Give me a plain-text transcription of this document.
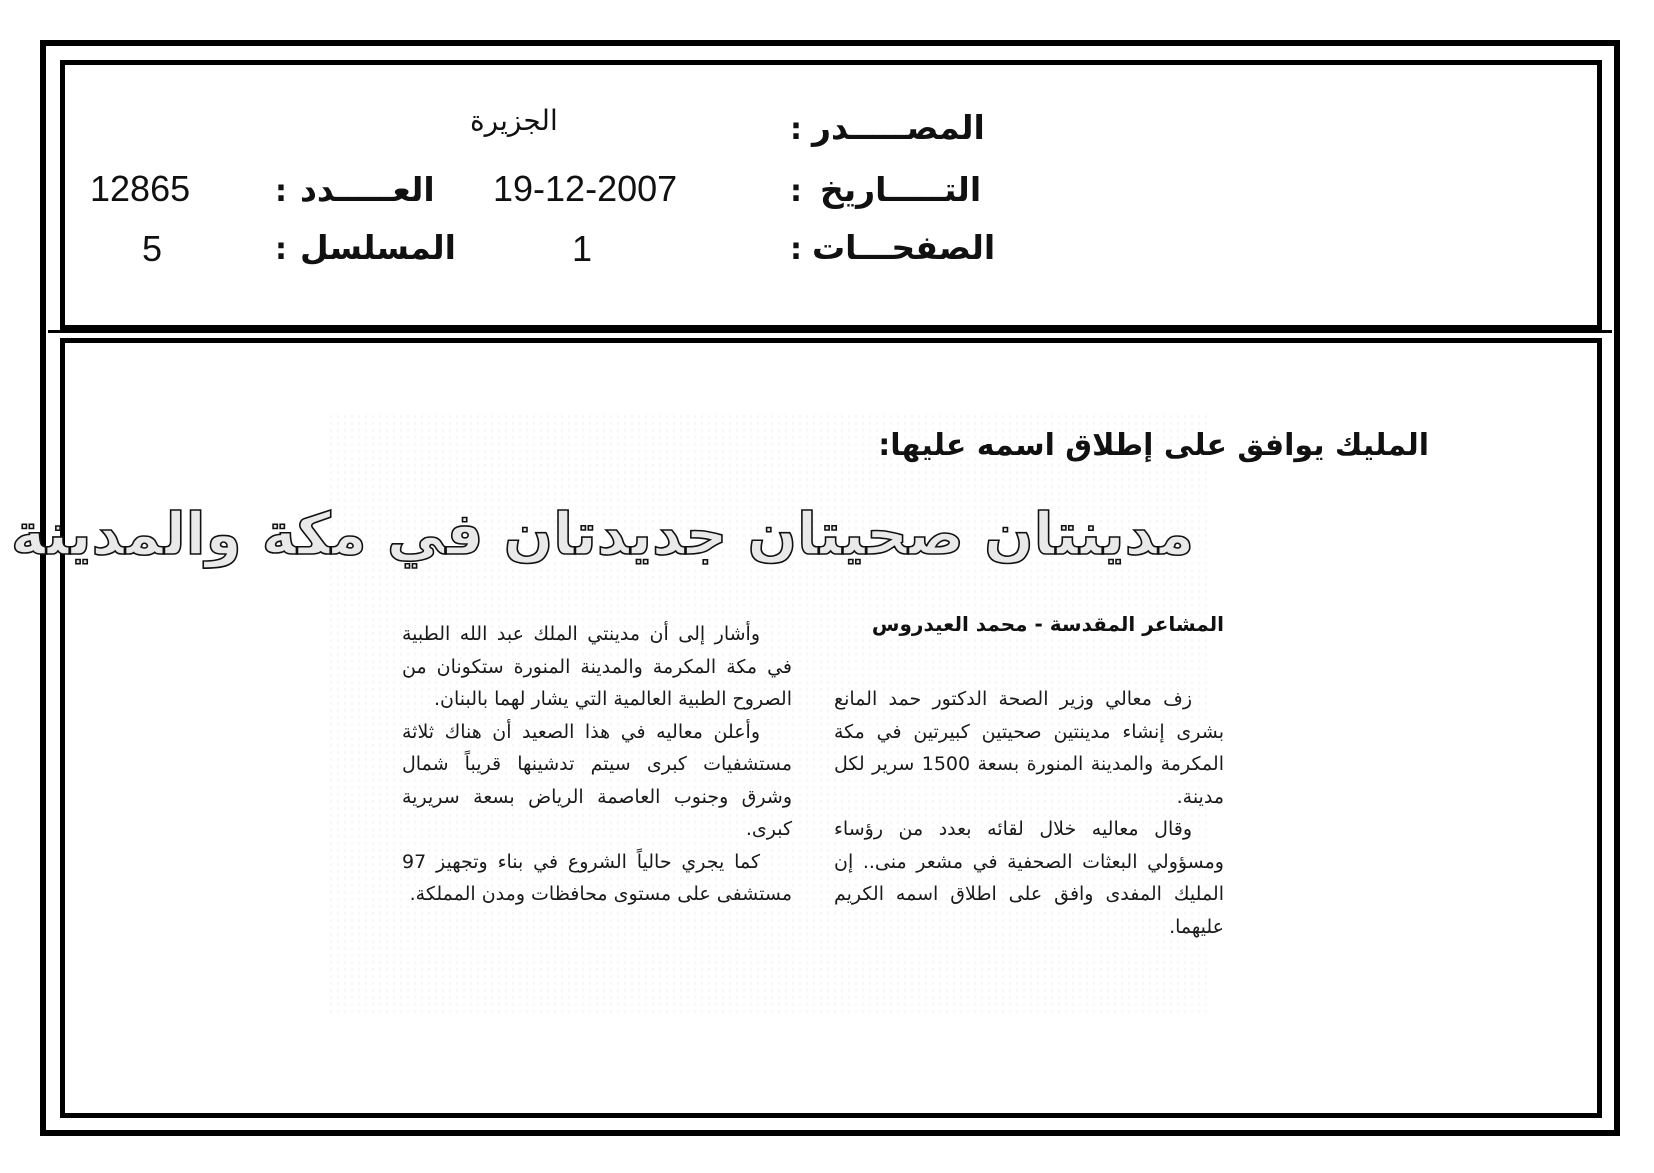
المصـــــدر
:
الجزيرة
التـــــاريخ
:
19-12-2007
العـــــدد
:
12865
الصفحـــات
:
1
المسلسل
:
5
المليك يوافق على إطلاق اسمه عليها:
مدينتان صحيتان جديدتان في مكة والمدينة
المشاعر المقدسة - محمد العيدروس

زف معالي وزير الصحة الدكتور حمد المانع بشرى إنشاء مدينتين صحيتين كبيرتين في مكة المكرمة والمدينة المنورة بسعة 1500 سرير لكل مدينة.

وقال معاليه خلال لقائه بعدد من رؤساء ومسؤولي البعثات الصحفية في مشعر منى.. إن المليك المفدى وافق على اطلاق اسمه الكريم عليهما.

وأشار إلى أن مدينتي الملك عبد الله الطبية في مكة المكرمة والمدينة المنورة ستكونان من الصروح الطبية العالمية التي يشار لهما بالبنان.

وأعلن معاليه في هذا الصعيد أن هناك ثلاثة مستشفيات كبرى سيتم تدشينها قريباً شمال وشرق وجنوب العاصمة الرياض بسعة سريرية كبرى.

كما يجري حالياً الشروع في بناء وتجهيز 97 مستشفى على مستوى محافظات ومدن المملكة.
